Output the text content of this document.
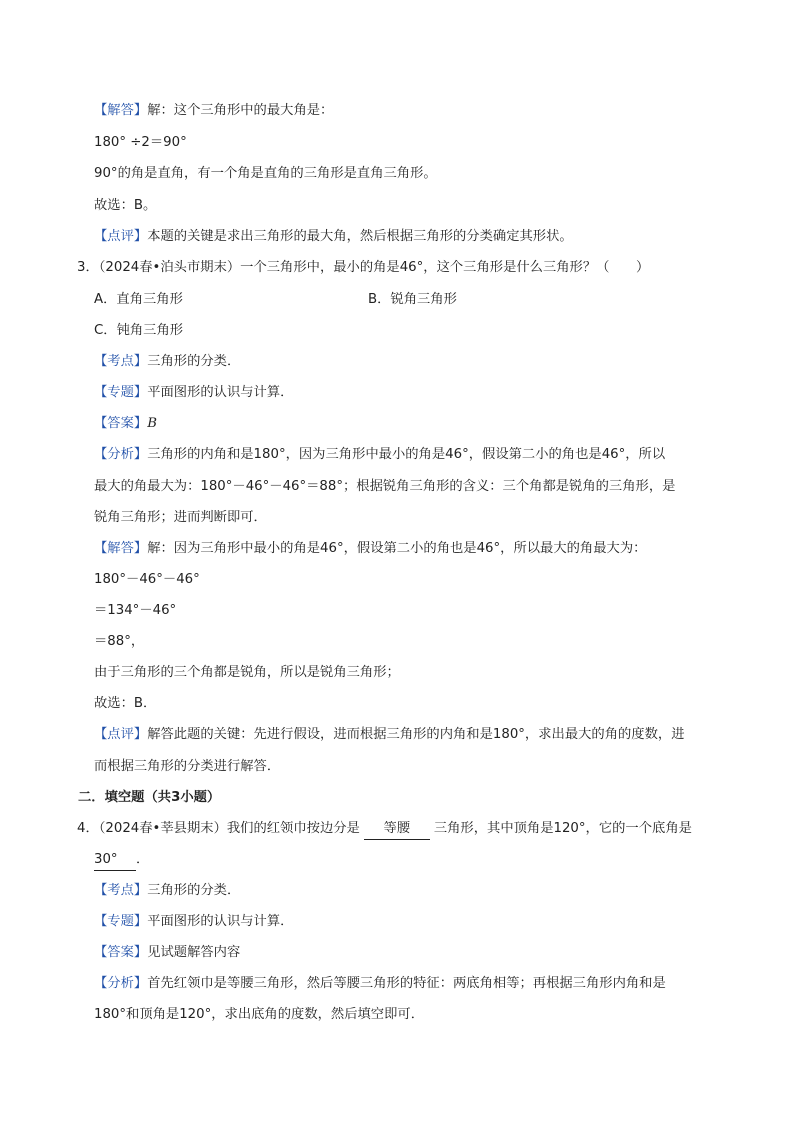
【解答】解：这个三角形中的最大角是：
180° ÷2＝90°
90°的角是直角，有一个角是直角的三角形是直角三角形。
故选：B。
【点评】本题的关键是求出三角形的最大角，然后根据三角形的分类确定其形状。
3．（2024春•泊头市期末）一个三角形中，最小的角是46°，这个三角形是什么三角形？（　　）
A．直角三角形	B．锐角三角形
C．钝角三角形
【考点】三角形的分类．
【专题】平面图形的认识与计算．
【答案】B
【分析】三角形的内角和是180°，因为三角形中最小的角是46°，假设第二小的角也是46°，所以
最大的角最大为：180°－46°－46°＝88°；根据锐角三角形的含义：三个角都是锐角的三角形，是
锐角三角形；进而判断即可．
【解答】解：因为三角形中最小的角是46°，假设第二小的角也是46°，所以最大的角最大为：
180°－46°－46°
＝134°－46°
＝88°，
由于三角形的三个角都是锐角，所以是锐角三角形；
故选：B．
【点评】解答此题的关键：先进行假设，进而根据三角形的内角和是180°，求出最大的角的度数，进
而根据三角形的分类进行解答．
二．填空题（共3小题）
4．（2024春•莘县期末）我们的红领巾按边分是 等腰 三角形，其中顶角是120°，它的一个底角是
30° ．
【考点】三角形的分类．
【专题】平面图形的认识与计算．
【答案】见试题解答内容
【分析】首先红领巾是等腰三角形，然后等腰三角形的特征：两底角相等；再根据三角形内角和是
180°和顶角是120°，求出底角的度数，然后填空即可．
